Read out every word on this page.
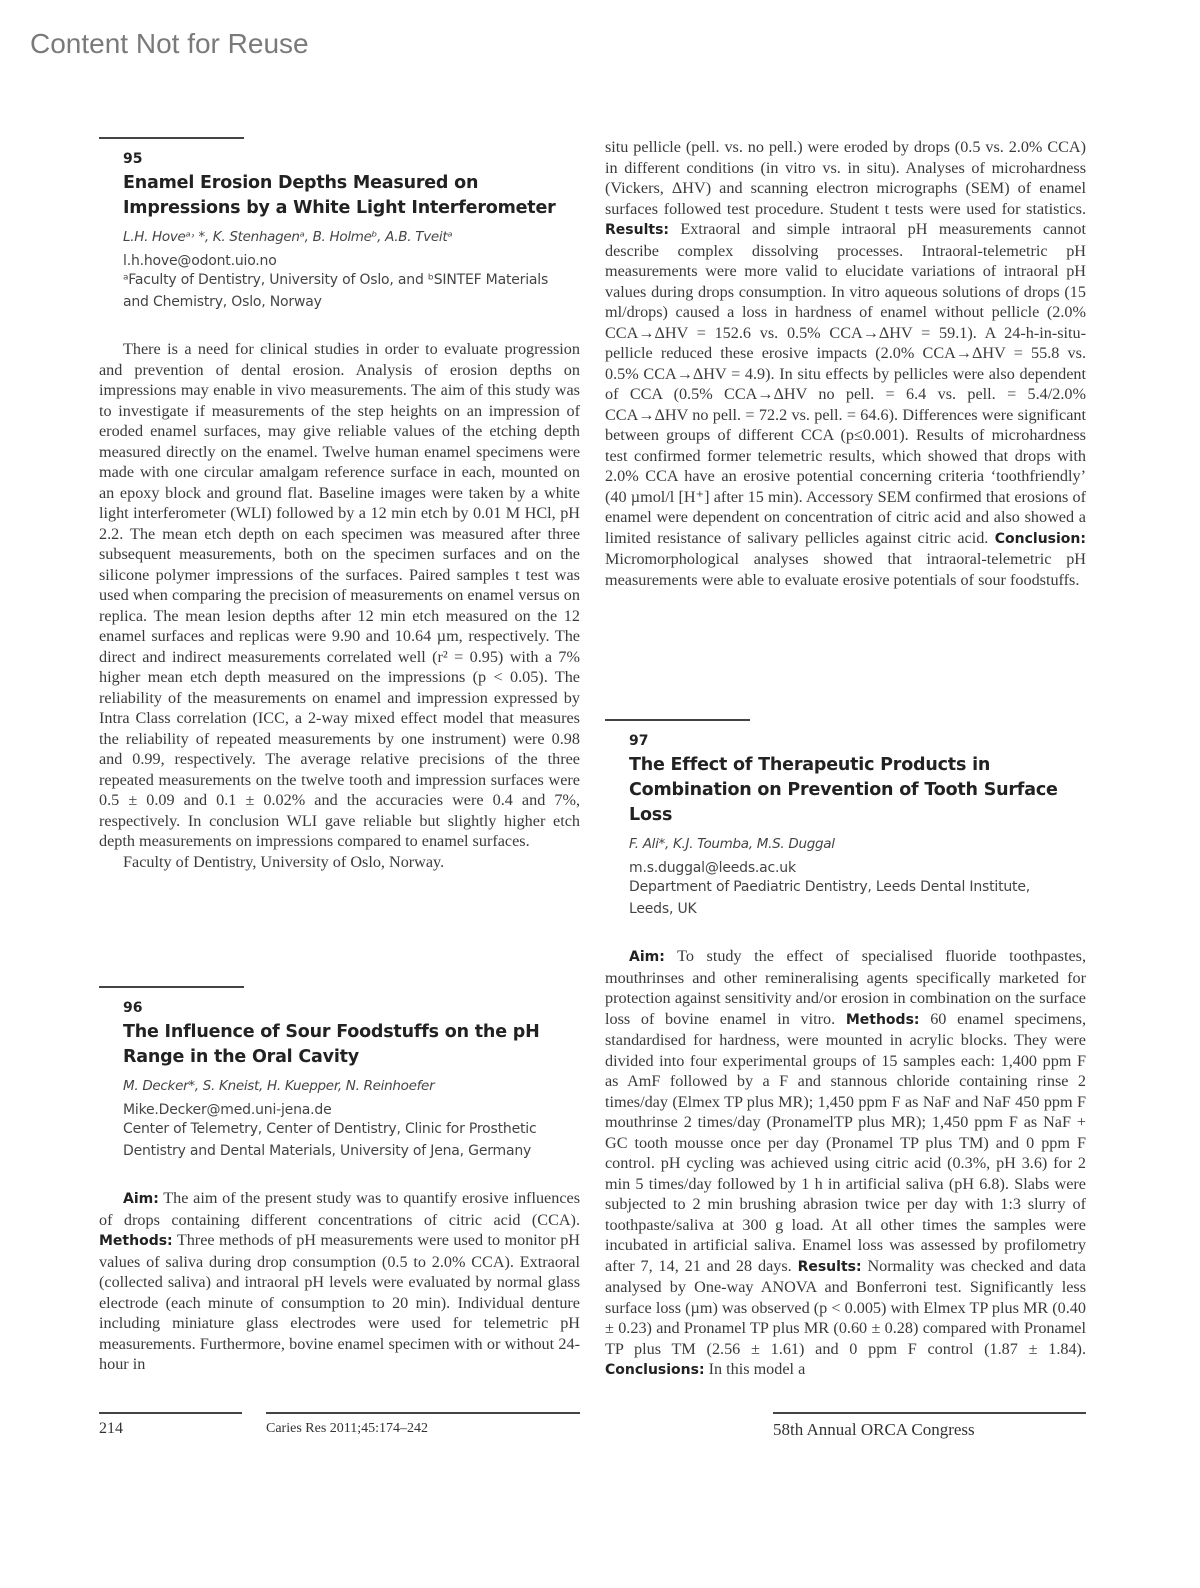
Content Not for Reuse
95
Enamel Erosion Depths Measured on Impressions by a White Light Interferometer
L.H. Hoveᵃ˒ *, K. Stenhagenᵃ, B. Holmeᵇ, A.B. Tveitᵃ
l.h.hove@odont.uio.no
ᵃFaculty of Dentistry, University of Oslo, and ᵇSINTEF Materials
and Chemistry, Oslo, Norway

There is a need for clinical studies in order to evaluate progression and prevention of dental erosion. Analysis of erosion depths on impressions may enable in vivo measurements. The aim of this study was to investigate if measurements of the step heights on an impression of eroded enamel surfaces, may give reliable values of the etching depth measured directly on the enamel. Twelve human enamel specimens were made with one circular amalgam reference surface in each, mounted on an epoxy block and ground flat. Baseline images were taken by a white light interferometer (WLI) followed by a 12 min etch by 0.01 M HCl, pH 2.2. The mean etch depth on each specimen was measured after three subsequent measurements, both on the specimen surfaces and on the silicone polymer impressions of the surfaces. Paired samples t test was used when comparing the precision of measurements on enamel versus on replica. The mean lesion depths after 12 min etch measured on the 12 enamel surfaces and replicas were 9.90 and 10.64 µm, respectively. The direct and indirect measurements correlated well (r² = 0.95) with a 7% higher mean etch depth measured on the impressions (p < 0.05). The reliability of the measurements on enamel and impression expressed by Intra Class correlation (ICC, a 2-way mixed effect model that measures the reliability of repeated measurements by one instrument) were 0.98 and 0.99, respectively. The average relative precisions of the three repeated measurements on the twelve tooth and impression surfaces were 0.5 ± 0.09 and 0.1 ± 0.02% and the accuracies were 0.4 and 7%, respectively. In conclusion WLI gave reliable but slightly higher etch depth measurements on impressions compared to enamel surfaces.

Faculty of Dentistry, University of Oslo, Norway.

96
The Influence of Sour Foodstuffs on the pH Range in the Oral Cavity
M. Decker*, S. Kneist, H. Kuepper, N. Reinhoefer
Mike.Decker@med.uni-jena.de
Center of Telemetry, Center of Dentistry, Clinic for Prosthetic
Dentistry and Dental Materials, University of Jena, Germany

Aim: The aim of the present study was to quantify erosive influences of drops containing different concentrations of citric acid (CCA). Methods: Three methods of pH measurements were used to monitor pH values of saliva during drop consumption (0.5 to 2.0% CCA). Extraoral (collected saliva) and intraoral pH levels were evaluated by normal glass electrode (each minute of consumption to 20 min). Individual denture including miniature glass electrodes were used for telemetric pH measurements. Furthermore, bovine enamel specimen with or without 24-hour in

situ pellicle (pell. vs. no pell.) were eroded by drops (0.5 vs. 2.0% CCA) in different conditions (in vitro vs. in situ). Analyses of microhardness (Vickers, ΔHV) and scanning electron micrographs (SEM) of enamel surfaces followed test procedure. Student t tests were used for statistics. Results: Extraoral and simple intraoral pH measurements cannot describe complex dissolving processes. Intraoral-telemetric pH measurements were more valid to elucidate variations of intraoral pH values during drops consumption. In vitro aqueous solutions of drops (15 ml/drops) caused a loss in hardness of enamel without pellicle (2.0% CCA→ΔHV = 152.6 vs. 0.5% CCA→ΔHV = 59.1). A 24-h-in-situ-pellicle reduced these erosive impacts (2.0% CCA→ΔHV = 55.8 vs. 0.5% CCA→ΔHV = 4.9). In situ effects by pellicles were also dependent of CCA (0.5% CCA→ΔHV no pell. = 6.4 vs. pell. = 5.4/2.0% CCA→ΔHV no pell. = 72.2 vs. pell. = 64.6). Differences were significant between groups of different CCA (p≤0.001). Results of microhardness test confirmed former telemetric results, which showed that drops with 2.0% CCA have an erosive potential concerning criteria ‘toothfriendly’ (40 µmol/l [H⁺] after 15 min). Accessory SEM confirmed that erosions of enamel were dependent on concentration of citric acid and also showed a limited resistance of salivary pellicles against citric acid. Conclusion: Micromorphological analyses showed that intraoral-telemetric pH measurements were able to evaluate erosive potentials of sour foodstuffs.

97
The Effect of Therapeutic Products in Combination on Prevention of Tooth Surface Loss
F. Ali*, K.J. Toumba, M.S. Duggal
m.s.duggal@leeds.ac.uk
Department of Paediatric Dentistry, Leeds Dental Institute,
Leeds, UK

Aim: To study the effect of specialised fluoride toothpastes, mouthrinses and other remineralising agents specifically marketed for protection against sensitivity and/or erosion in combination on the surface loss of bovine enamel in vitro. Methods: 60 enamel specimens, standardised for hardness, were mounted in acrylic blocks. They were divided into four experimental groups of 15 samples each: 1,400 ppm F as AmF followed by a F and stannous chloride containing rinse 2 times/day (Elmex TP plus MR); 1,450 ppm F as NaF and NaF 450 ppm F mouthrinse 2 times/day (PronamelTP plus MR); 1,450 ppm F as NaF + GC tooth mousse once per day (Pronamel TP plus TM) and 0 ppm F control. pH cycling was achieved using citric acid (0.3%, pH 3.6) for 2 min 5 times/day followed by 1 h in artificial saliva (pH 6.8). Slabs were subjected to 2 min brushing abrasion twice per day with 1:3 slurry of toothpaste/saliva at 300 g load. At all other times the samples were incubated in artificial saliva. Enamel loss was assessed by profilometry after 7, 14, 21 and 28 days. Results: Normality was checked and data analysed by One-way ANOVA and Bonferroni test. Significantly less surface loss (µm) was observed (p < 0.005) with Elmex TP plus MR (0.40 ± 0.23) and Pronamel TP plus MR (0.60 ± 0.28) compared with Pronamel TP plus TM (2.56 ± 1.61) and 0 ppm F control (1.87 ± 1.84). Conclusions: In this model a

214	Caries Res 2011;45:174–242	58th Annual ORCA Congress
